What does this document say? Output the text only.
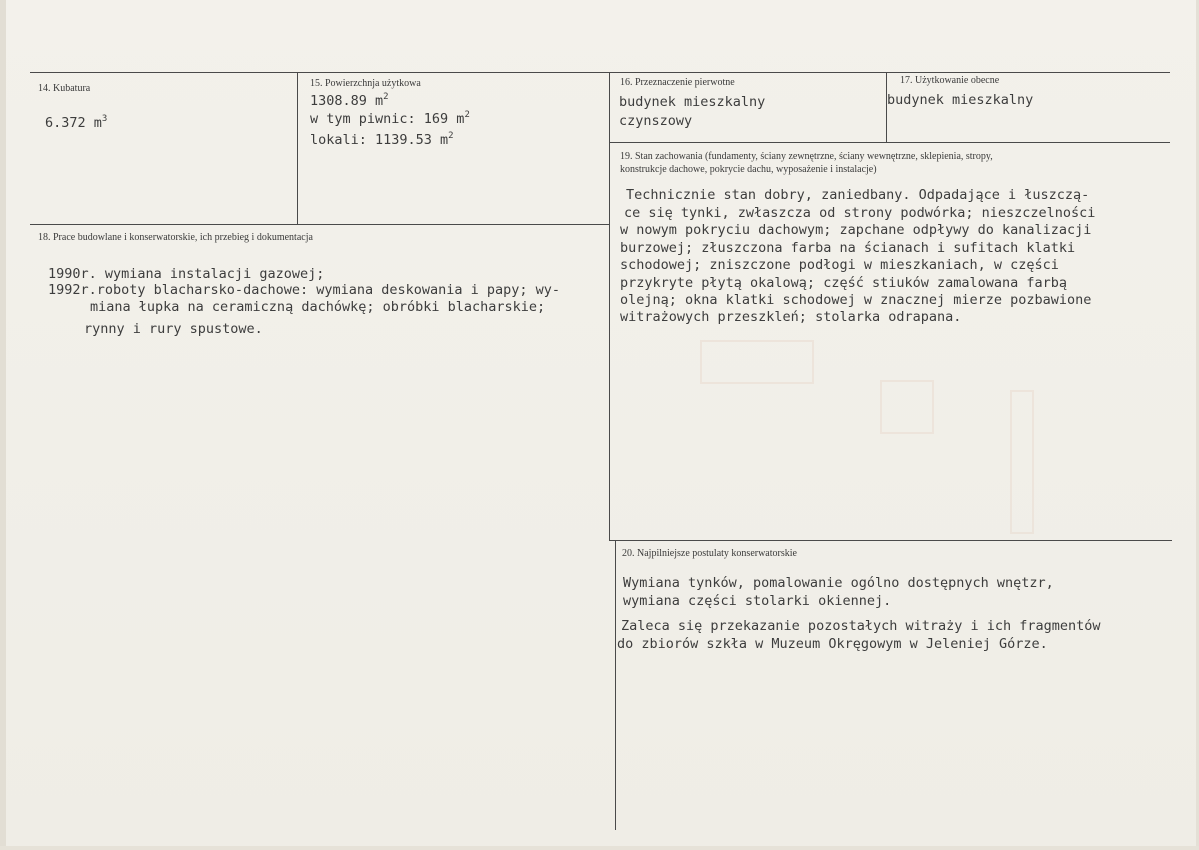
14. Kubatura
6.372 $m^3$
15. Powierzchnja użytkowa
1308.89 $m^2$
w tym piwnic: 169 $m^2$
lokali: 1139.53 $m^2$
16. Przeznaczenie pierwotne
budynek mieszkalny
czynszowy
17. Użytkowanie obecne
budynek mieszkalny
18. Prace budowlane i konserwatorskie, ich przebieg i dokumentacja
1990r. wymiana instalacji gazowej;
1992r.roboty blacharsko-dachowe: wymiana deskowania i papy; wy-
miana łupka na ceramiczną dachówkę; obróbki blacharskie;
rynny i rury spustowe.
19. Stan zachowania (fundamenty, ściany zewnętrzne, ściany wewnętrzne, sklepienia, stropy,
konstrukcje dachowe, pokrycie dachu, wyposażenie i instalacje)
Technicznie stan dobry, zaniedbany. Odpadające i łuszczą-
ce się tynki, zwłaszcza od strony podwórka; nieszczelności
w nowym pokryciu dachowym; zapchane odpływy do kanalizacji
burzowej; złuszczona farba na ścianach i sufitach klatki
schodowej; zniszczone podłogi w mieszkaniach, w części
przykryte płytą okalową; część stiuków zamalowana farbą
olejną; okna klatki schodowej w znacznej mierze pozbawione
witrażowych przeszkleń; stolarka odrapana.
20. Najpilniejsze postulaty konserwatorskie
Wymiana tynków, pomalowanie ogólno dostępnych wnętzr,
wymiana części stolarki okiennej.
Zaleca się przekazanie pozostałych witraży i ich fragmentów
do zbiorów szkła w Muzeum Okręgowym w Jeleniej Górze.
